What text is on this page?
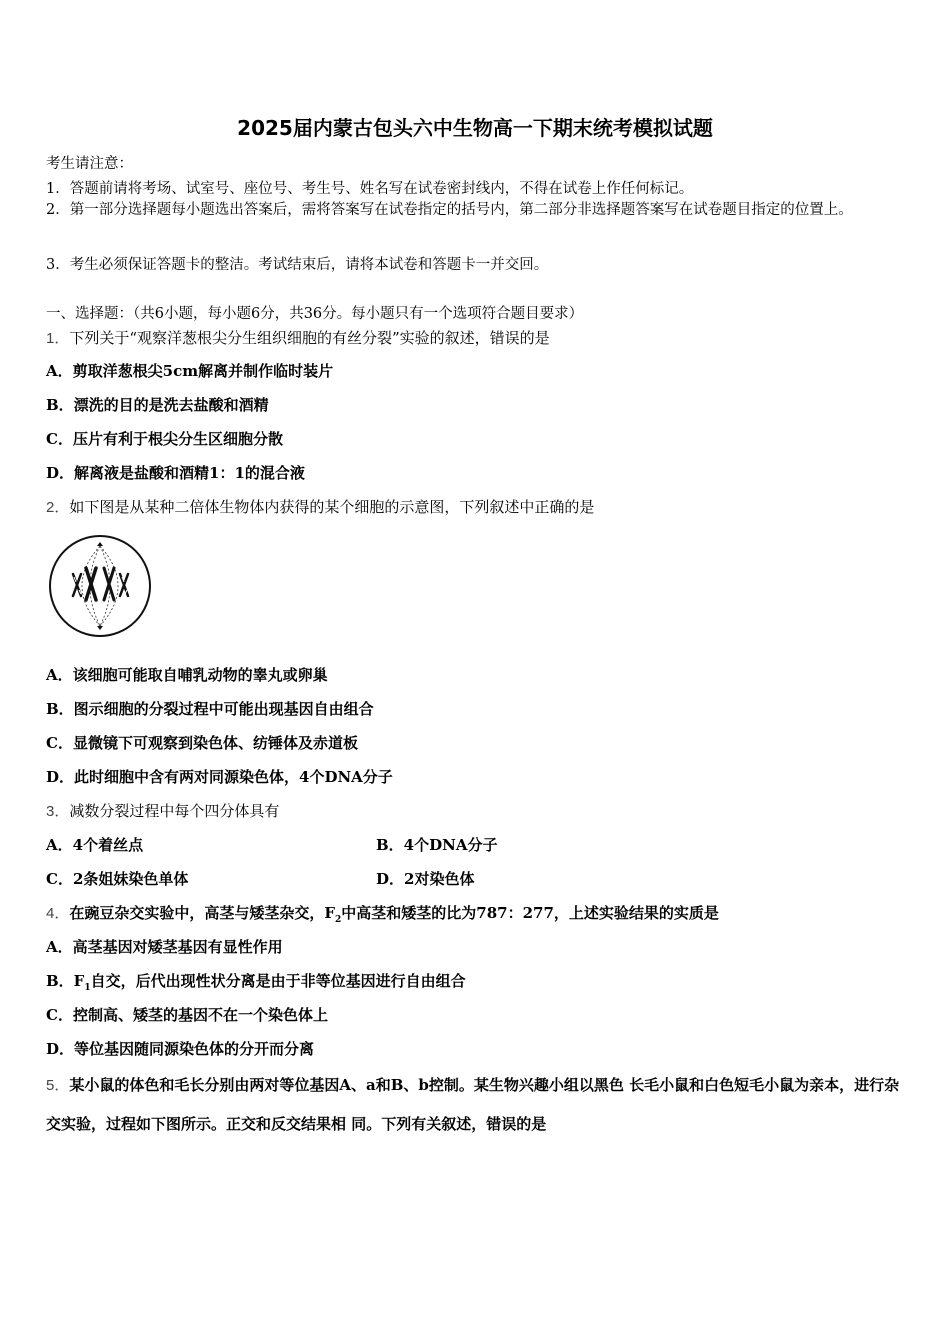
2025届内蒙古包头六中生物高一下期末统考模拟试题
考生请注意：
1．答题前请将考场、试室号、座位号、考生号、姓名写在试卷密封线内，不得在试卷上作任何标记。
2．第一部分选择题每小题选出答案后，需将答案写在试卷指定的括号内，第二部分非选择题答案写在试卷题目指定的位置上。
3．考生必须保证答题卡的整洁。考试结束后，请将本试卷和答题卡一并交回。
一、选择题：（共6小题，每小题6分，共36分。每小题只有一个选项符合题目要求）
1．下列关于“观察洋葱根尖分生组织细胞的有丝分裂”实验的叙述，错误的是
A．剪取洋葱根尖5cm解离并制作临时装片
B．漂洗的目的是洗去盐酸和酒精
C．压片有利于根尖分生区细胞分散
D．解离液是盐酸和酒精1：1的混合液
2．如下图是从某种二倍体生物体内获得的某个细胞的示意图，下列叙述中正确的是
A．该细胞可能取自哺乳动物的睾丸或卵巢
B．图示细胞的分裂过程中可能出现基因自由组合
C．显微镜下可观察到染色体、纺锤体及赤道板
D．此时细胞中含有两对同源染色体，4个DNA分子
3．减数分裂过程中每个四分体具有
A．4个着丝点	B．4个DNA分子
C．2条姐妹染色单体	D．2对染色体
4．在豌豆杂交实验中，高茎与矮茎杂交，$F_2$中高茎和矮茎的比为787：277，上述实验结果的实质是
A．高茎基因对矮茎基因有显性作用
B．$F_1$自交，后代出现性状分离是由于非等位基因进行自由组合
C．控制高、矮茎的基因不在一个染色体上
D．等位基因随同源染色体的分开而分离
5．某小鼠的体色和毛长分别由两对等位基因A、a和B、b控制。某生物兴趣小组以黑色 长毛小鼠和白色短毛小鼠为亲本，进行杂交实验，过程如下图所示。正交和反交结果相 同。下列有关叙述，错误的是
